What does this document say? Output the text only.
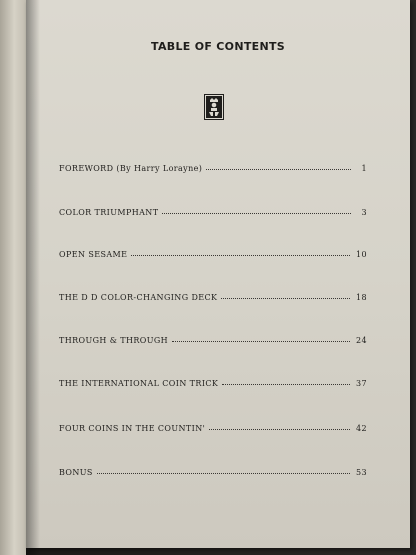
TABLE OF CONTENTS
FOREWORD (By Harry Lorayne)	1
COLOR TRIUMPHANT	3
OPEN SESAME	10
THE D D COLOR-CHANGING DECK	18
THROUGH & THROUGH	24
THE INTERNATIONAL COIN TRICK	37
FOUR COINS IN THE COUNTIN'	42
BONUS	53
